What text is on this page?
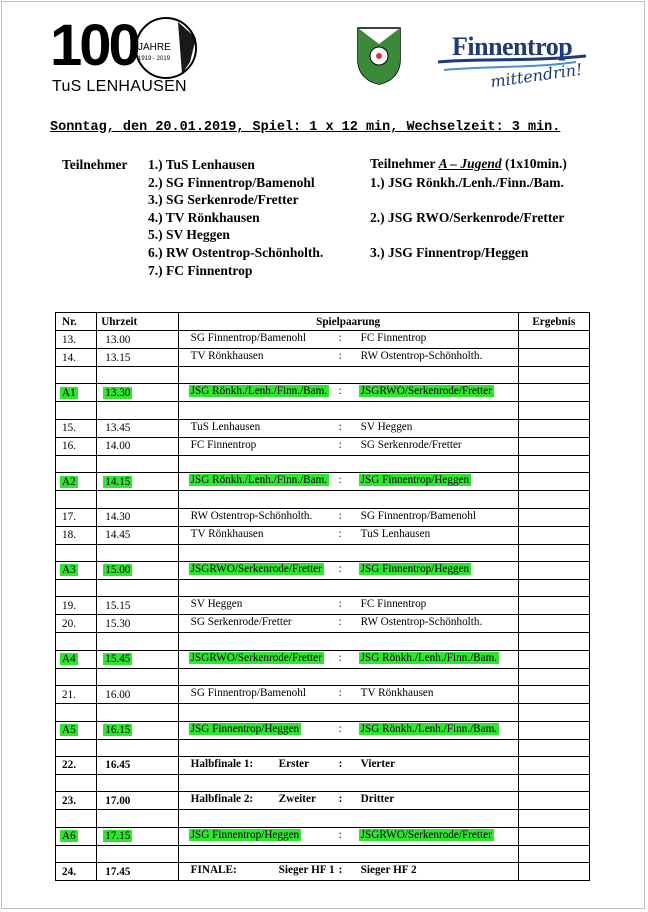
100 JAHRE
1919 - 2019
TuS LENHAUSEN
Finnentrop
mittendrin!
Sonntag, den 20.01.2019, Spiel: 1 x 12 min, Wechselzeit: 3 min.
Teilnehmer 1.) TuS Lenhausen
2.) SG Finnentrop/Bamenohl
3.) SG Serkenrode/Fretter
4.) TV Rönkhausen
5.) SV Heggen
6.) RW Ostentrop-Schönholth.
7.) FC Finnentrop
Teilnehmer A – Jugend (1x10min.)
1.) JSG Rönkh./Lenh./Finn./Bam.
2.) JSG RWO/Serkenrode/Fretter
3.) JSG Finnentrop/Heggen
Nr.	Uhrzeit	Spielpaarung	Ergebnis
13.	13.00	SG Finnentrop/Bamenohl : FC Finnentrop	

14.	13.15	TV Rönkhausen : RW Ostentrop-Schönholth.	

A1	13.30	JSG Rönkh./Lenh./Finn./Bam. : JSGRWO/Serkenrode/Fretter	

15.	13.45	TuS Lenhausen : SV Heggen	

16.	14.00	FC Finnentrop : SG Serkenrode/Fretter	

A2	14.15	JSG Rönkh./Lenh./Finn./Bam. : JSG Finnentrop/Heggen	

17.	14.30	RW Ostentrop-Schönholth. : SG Finnentrop/Bamenohl	

18.	14.45	TV Rönkhausen : TuS Lenhausen	

A3	15.00	JSGRWO/Serkenrode/Fretter : JSG Finnentrop/Heggen	

19.	15.15	SV Heggen : FC Finnentrop	

20.	15.30	SG Serkenrode/Fretter : RW Ostentrop-Schönholth.	

A4	15.45	JSGRWO/Serkenrode/Fretter : JSG Rönkh./Lenh./Finn./Bam.	

21.	16.00	SG Finnentrop/Bamenohl : TV Rönkhausen	

A5	16.15	JSG Finnentrop/Heggen : JSG Rönkh./Lenh./Finn./Bam.	

22.	16.45	Halbfinale 1: Erster : Vierter	

23.	17.00	Halbfinale 2: Zweiter : Dritter	

A6	17.15	JSG Finnentrop/Heggen : JSGRWO/Serkenrode/Fretter	

24.	17.45	FINALE: Sieger HF 1 : Sieger HF 2	
